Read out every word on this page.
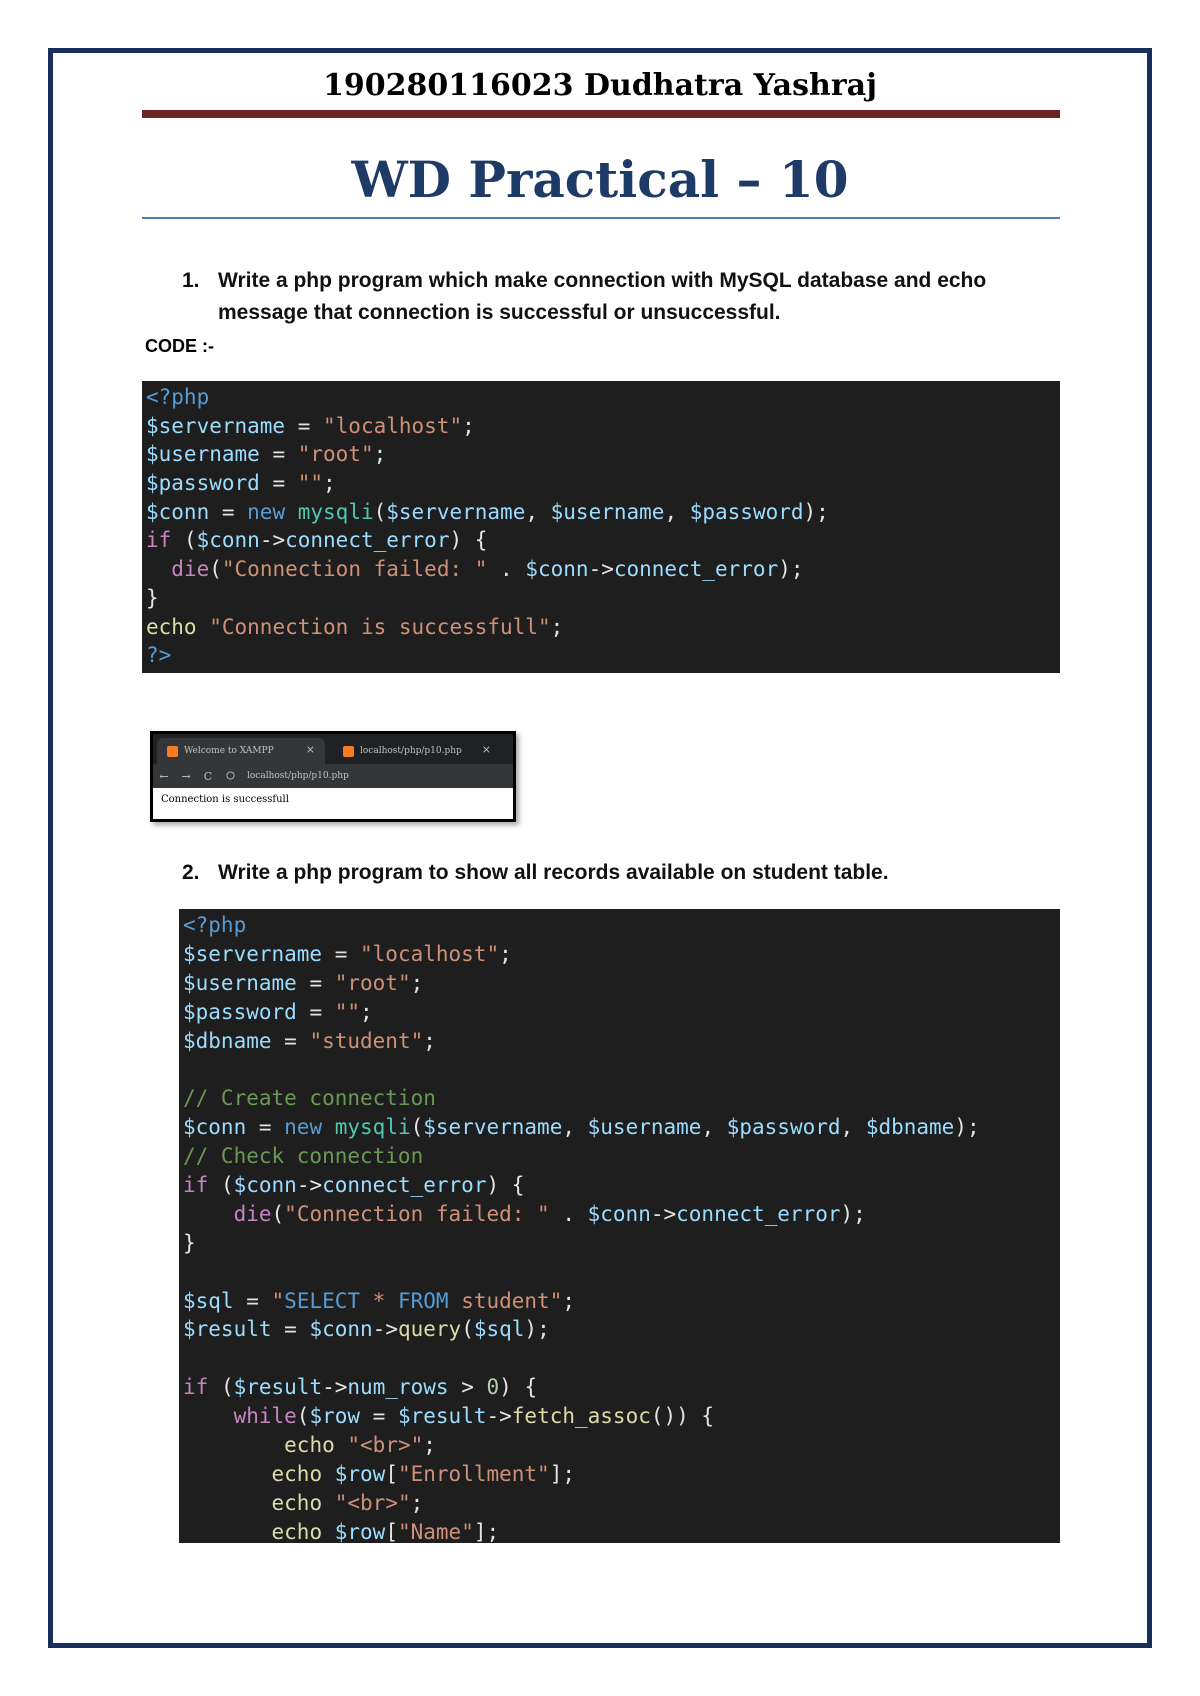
190280116023 Dudhatra Yashraj
WD Practical – 10
1. Write a php program which make connection with MySQL database and echo message that connection is successful or unsuccessful.
CODE :-
<?php
$servername = "localhost";
$username = "root";
$password = "";
$conn = new mysqli($servername, $username, $password);
if ($conn->connect_error) {
die("Connection failed: " . $conn->connect_error);
}
echo "Connection is successfull";
?>
Welcome to XAMPP	×	localhost/php/p10.php ×
←	→	C	localhost/php/p10.php
Connection is successfull
2. Write a php program to show all records available on student table.
<?php
$servername = "localhost";
$username = "root";
$password = "";
$dbname = "student";

// Create connection
$conn = new mysqli($servername, $username, $password, $dbname);
// Check connection
if ($conn->connect_error) {
die("Connection failed: " . $conn->connect_error);
}

$sql = "SELECT * FROM student";
$result = $conn->query($sql);

if ($result->num_rows > 0) {
while($row = $result->fetch_assoc()) {
echo "<br>";
echo $row["Enrollment"];
echo "<br>";
echo $row["Name"];
